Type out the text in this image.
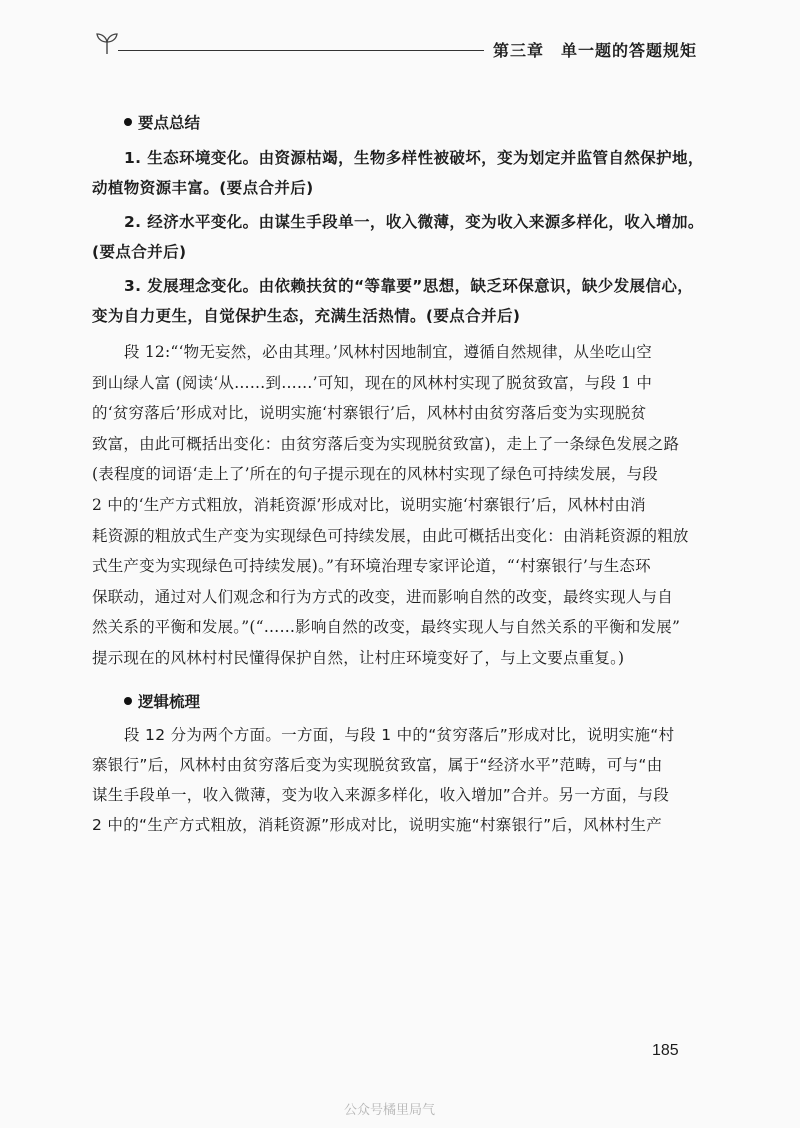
第三章　单一题的答题规矩
要点总结

1. 生态环境变化。由资源枯竭，生物多样性被破坏，变为划定并监管自然保护地，
动植物资源丰富。(要点合并后)

2. 经济水平变化。由谋生手段单一，收入微薄，变为收入来源多样化，收入增加。
(要点合并后)

3. 发展理念变化。由依赖扶贫的“等靠要”思想，缺乏环保意识，缺少发展信心，
变为自力更生，自觉保护生态，充满生活热情。(要点合并后)

段 12:“‘物无妄然，必由其理。’风林村因地制宜，遵循自然规律，从坐吃山空
到山绿人富 (阅读‘从……到……’可知，现在的风林村实现了脱贫致富，与段 1 中
的‘贫穷落后’形成对比，说明实施‘村寨银行’后，风林村由贫穷落后变为实现脱贫
致富，由此可概括出变化：由贫穷落后变为实现脱贫致富)，走上了一条绿色发展之路
(表程度的词语‘走上了’所在的句子提示现在的风林村实现了绿色可持续发展，与段
2 中的‘生产方式粗放，消耗资源’形成对比，说明实施‘村寨银行’后，风林村由消
耗资源的粗放式生产变为实现绿色可持续发展，由此可概括出变化：由消耗资源的粗放
式生产变为实现绿色可持续发展)。”有环境治理专家评论道，“‘村寨银行’与生态环
保联动，通过对人们观念和行为方式的改变，进而影响自然的改变，最终实现人与自
然关系的平衡和发展。”(“……影响自然的改变，最终实现人与自然关系的平衡和发展”
提示现在的风林村村民懂得保护自然，让村庄环境变好了，与上文要点重复。)

逻辑梳理

段 12 分为两个方面。一方面，与段 1 中的“贫穷落后”形成对比，说明实施“村
寨银行”后，风林村由贫穷落后变为实现脱贫致富，属于“经济水平”范畴，可与“由
谋生手段单一，收入微薄，变为收入来源多样化，收入增加”合并。另一方面，与段
2 中的“生产方式粗放，消耗资源”形成对比，说明实施“村寨银行”后，风林村生产

185
公众号橘里局气
